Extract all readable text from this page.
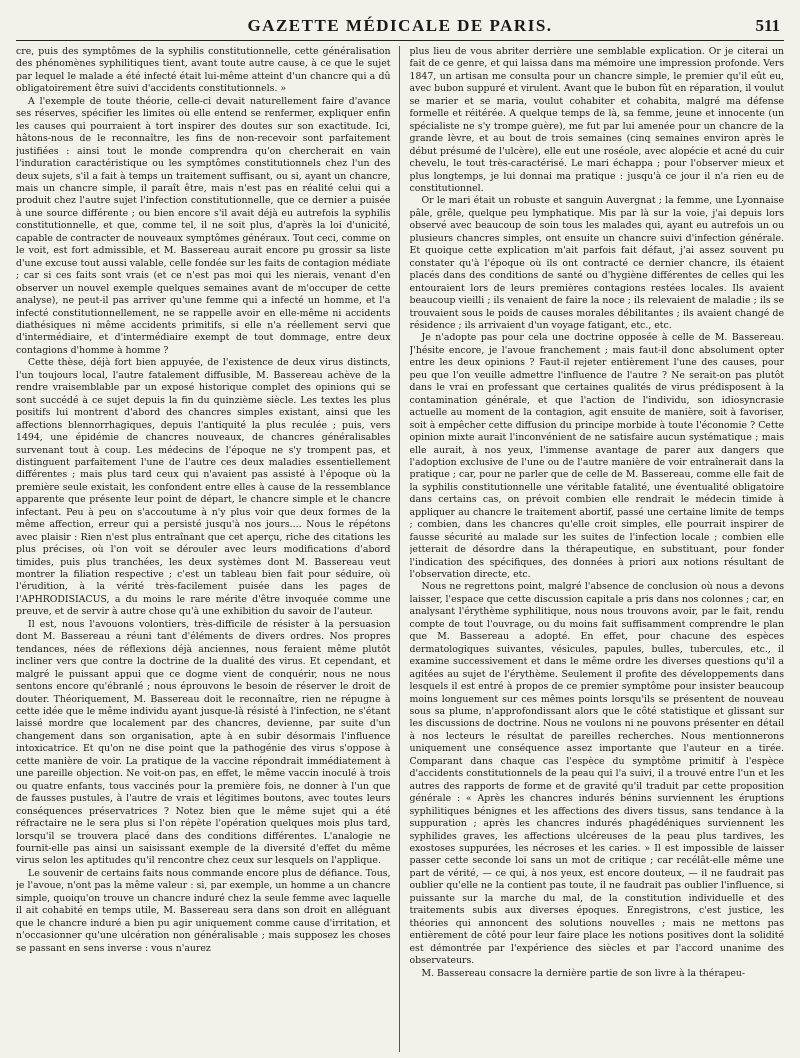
GAZETTE MÉDICALE DE PARIS.	511

cre, puis des symptômes de la syphilis constitutionnelle, cette généralisation des phénomènes syphilitiques tient, avant toute autre cause, à ce que le sujet par lequel le malade a été infecté était lui-même atteint d'un chancre qui a dû obligatoirement être suivi d'accidents constitutionnels. »

A l'exemple de toute théorie, celle-ci devait naturellement faire d'avance ses réserves, spécifier les limites où elle entend se renfermer, expliquer enfin les causes qui pourraient à tort inspirer des doutes sur son exactitude. Ici, hâtons-nous de le reconnaître, les fins de non-recevoir sont parfaitement justifiées : ainsi tout le monde comprendra qu'on chercherait en vain l'induration caractéristique ou les symptômes constitutionnels chez l'un des deux sujets, s'il a fait à temps un traitement suffisant, ou si, ayant un chancre, mais un chancre simple, il paraît être, mais n'est pas en réalité celui qui a produit chez l'autre sujet l'infection constitutionnelle, que ce dernier a puisée à une source différente ; ou bien encore s'il avait déjà eu autrefois la syphilis constitutionnelle, et que, comme tel, il ne soit plus, d'après la loi d'unicité, capable de contracter de nouveaux symptômes généraux. Tout ceci, comme on le voit, est fort admissible, et M. Bassereau aurait encore pu grossir sa liste d'une excuse tout aussi valable, celle fondée sur les faits de contagion médiate ; car si ces faits sont vrais (et ce n'est pas moi qui les nierais, venant d'en observer un nouvel exemple quelques semaines avant de m'occuper de cette analyse), ne peut-il pas arriver qu'une femme qui a infecté un homme, et l'a infecté constitutionnellement, ne se rappelle avoir en elle-même ni accidents diathésiques ni même accidents primitifs, si elle n'a réellement servi que d'intermédiaire, et d'intermédiaire exempt de tout dommage, entre deux contagions d'homme à homme ?

Cette thèse, déjà fort bien appuyée, de l'existence de deux virus distincts, l'un toujours local, l'autre fatalement diffusible, M. Bassereau achève de la rendre vraisemblable par un exposé historique complet des opinions qui se sont succédé à ce sujet depuis la fin du quinzième siècle. Les textes les plus positifs lui montrent d'abord des chancres simples existant, ainsi que les affections blennorrhagiques, depuis l'antiquité la plus reculée ; puis, vers 1494, une épidémie de chancres nouveaux, de chancres généralisables survenant tout à coup. Les médecins de l'époque ne s'y trompent pas, et distinguent parfaitement l'une de l'autre ces deux maladies essentiellement différentes ; mais plus tard ceux qui n'avaient pas assisté à l'époque où la première seule existait, les confondent entre elles à cause de la ressemblance apparente que présente leur point de départ, le chancre simple et le chancre infectant. Peu à peu on s'accoutume à n'y plus voir que deux formes de la même affection, erreur qui a persisté jusqu'à nos jours.... Nous le répétons avec plaisir : Rien n'est plus entraînant que cet aperçu, riche des citations les plus précises, où l'on voit se dérouler avec leurs modifications d'abord timides, puis plus tranchées, les deux systèmes dont M. Bassereau veut montrer la filiation respective ; c'est un tableau bien fait pour séduire, où l'érudition, à la vérité très-facilement puisée dans les pages de l'APHRODISIACUS, a du moins le rare mérite d'être invoquée comme une preuve, et de servir à autre chose qu'à une exhibition du savoir de l'auteur.

Il est, nous l'avouons volontiers, très-difficile de résister à la persuasion dont M. Bassereau a réuni tant d'éléments de divers ordres. Nos propres tendances, nées de réflexions déjà anciennes, nous feraient même plutôt incliner vers que contre la doctrine de la dualité des virus. Et cependant, et malgré le puissant appui que ce dogme vient de conquérir, nous ne nous sentons encore qu'ébranlé ; nous éprouvons le besoin de réserver le droit de douter. Théoriquement, M. Bassereau doit le reconnaître, rien ne répugne à cette idée que le même individu ayant jusque-là résisté à l'infection, ne s'étant laissé mordre que localement par des chancres, devienne, par suite d'un changement dans son organisation, apte à en subir désormais l'influence intoxicatrice. Et qu'on ne dise point que la pathogénie des virus s'oppose à cette manière de voir. La pratique de la vaccine répondrait immédiatement à une pareille objection. Ne voit-on pas, en effet, le même vaccin inoculé à trois ou quatre enfants, tous vaccinés pour la première fois, ne donner à l'un que de fausses pustules, à l'autre de vrais et légitimes boutons, avec toutes leurs conséquences préservatrices ? Notez bien que le même sujet qui a été réfractaire ne le sera plus si l'on répète l'opération quelques mois plus tard, lorsqu'il se trouvera placé dans des conditions différentes. L'analogie ne fournit-elle pas ainsi un saisissant exemple de la diversité d'effet du même virus selon les aptitudes qu'il rencontre chez ceux sur lesquels on l'applique.

Le souvenir de certains faits nous commande encore plus de défiance. Tous, je l'avoue, n'ont pas la même valeur : si, par exemple, un homme a un chancre simple, quoiqu'on trouve un chancre induré chez la seule femme avec laquelle il ait cohabité en temps utile, M. Bassereau sera dans son droit en alléguant que le chancre induré a bien pu agir uniquement comme cause d'irritation, et n'occasionner qu'une ulcération non généralisable ; mais supposez les choses se passant en sens inverse : vous n'aurez

plus lieu de vous abriter derrière une semblable explication. Or je citerai un fait de ce genre, et qui laissa dans ma mémoire une impression profonde. Vers 1847, un artisan me consulta pour un chancre simple, le premier qu'il eût eu, avec bubon suppuré et virulent. Avant que le bubon fût en réparation, il voulut se marier et se maria, voulut cohabiter et cohabita, malgré ma défense formelle et réitérée. A quelque temps de là, sa femme, jeune et innocente (un spécialiste ne s'y trompe guère), me fut par lui amenée pour un chancre de la grande lèvre, et au bout de trois semaines (cinq semaines environ après le début présumé de l'ulcère), elle eut une roséole, avec alopécie et acné du cuir chevelu, le tout très-caractérisé. Le mari échappa ; pour l'observer mieux et plus longtemps, je lui donnai ma pratique : jusqu'à ce jour il n'a rien eu de constitutionnel.

Or le mari était un robuste et sanguin Auvergnat ; la femme, une Lyonnaise pâle, grêle, quelque peu lymphatique. Mis par là sur la voie, j'ai depuis lors observé avec beaucoup de soin tous les malades qui, ayant eu autrefois un ou plusieurs chancres simples, ont ensuite un chancre suivi d'infection générale. Et quoique cette explication m'ait parfois fait défaut, j'ai assez souvent pu constater qu'à l'époque où ils ont contracté ce dernier chancre, ils étaient placés dans des conditions de santé ou d'hygiène différentes de celles qui les entouraient lors de leurs premières contagions restées locales. Ils avaient beaucoup vieilli ; ils venaient de faire la noce ; ils relevaient de maladie ; ils se trouvaient sous le poids de causes morales débilitantes ; ils avaient changé de résidence ; ils arrivaient d'un voyage fatigant, etc., etc.

Je n'adopte pas pour cela une doctrine opposée à celle de M. Bassereau. J'hésite encore, je l'avoue franchement ; mais faut-il donc absolument opter entre les deux opinions ? Faut-il rejeter entièrement l'une des causes, pour peu que l'on veuille admettre l'influence de l'autre ? Ne serait-on pas plutôt dans le vrai en professant que certaines qualités de virus prédisposent à la contamination générale, et que l'action de l'individu, son idiosyncrasie actuelle au moment de la contagion, agit ensuite de manière, soit à favoriser, soit à empêcher cette diffusion du principe morbide à toute l'économie ? Cette opinion mixte aurait l'inconvénient de ne satisfaire aucun systématique ; mais elle aurait, à nos yeux, l'immense avantage de parer aux dangers que l'adoption exclusive de l'une ou de l'autre manière de voir entraînerait dans la pratique ; car, pour ne parler que de celle de M. Bassereau, comme elle fait de la syphilis constitutionnelle une véritable fatalité, une éventualité obligatoire dans certains cas, on prévoit combien elle rendrait le médecin timide à appliquer au chancre le traitement abortif, passé une certaine limite de temps ; combien, dans les chancres qu'elle croit simples, elle pourrait inspirer de fausse sécurité au malade sur les suites de l'infection locale ; combien elle jetterait de désordre dans la thérapeutique, en substituant, pour fonder l'indication des spécifiques, des données à priori aux notions résultant de l'observation directe, etc.

Nous ne regrettons point, malgré l'absence de conclusion où nous a devons laisser, l'espace que cette discussion capitale a pris dans nos colonnes ; car, en analysant l'érythème syphilitique, nous nous trouvons avoir, par le fait, rendu compte de tout l'ouvrage, ou du moins fait suffisamment comprendre le plan que M. Bassereau a adopté. En effet, pour chacune des espèces dermatologiques suivantes, vésicules, papules, bulles, tubercules, etc., il examine successivement et dans le même ordre les diverses questions qu'il a agitées au sujet de l'érythème. Seulement il profite des développements dans lesquels il est entré à propos de ce premier symptôme pour insister beaucoup moins longuement sur ces mêmes points lorsqu'ils se présentent de nouveau sous sa plume, n'approfondissant alors que le côté statistique et glissant sur les discussions de doctrine. Nous ne voulons ni ne pouvons présenter en détail à nos lecteurs le résultat de pareilles recherches. Nous mentionnerons uniquement une conséquence assez importante que l'auteur en a tirée. Comparant dans chaque cas l'espèce du symptôme primitif à l'espèce d'accidents constitutionnels de la peau qui l'a suivi, il a trouvé entre l'un et les autres des rapports de forme et de gravité qu'il traduit par cette proposition générale : « Après les chancres indurés bénins surviennent les éruptions syphilitiques bénignes et les affections des divers tissus, sans tendance à la suppuration ; après les chancres indurés phagédéniques surviennent les syphilides graves, les affections ulcéreuses de la peau plus tardives, les exostoses suppurées, les nécroses et les caries. » Il est impossible de laisser passer cette seconde loi sans un mot de critique ; car recélât-elle même une part de vérité, — ce qui, à nos yeux, est encore douteux, — il ne faudrait pas oublier qu'elle ne la contient pas toute, il ne faudrait pas oublier l'influence, si puissante sur la marche du mal, de la constitution individuelle et des traitements subis aux diverses époques. Enregistrons, c'est justice, les théories qui annoncent des solutions nouvelles ; mais ne mettons pas entièrement de côté pour leur faire place les notions positives dont la solidité est démontrée par l'expérience des siècles et par l'accord unanime des observateurs.

M. Bassereau consacre la dernière partie de son livre à la thérapeu-
